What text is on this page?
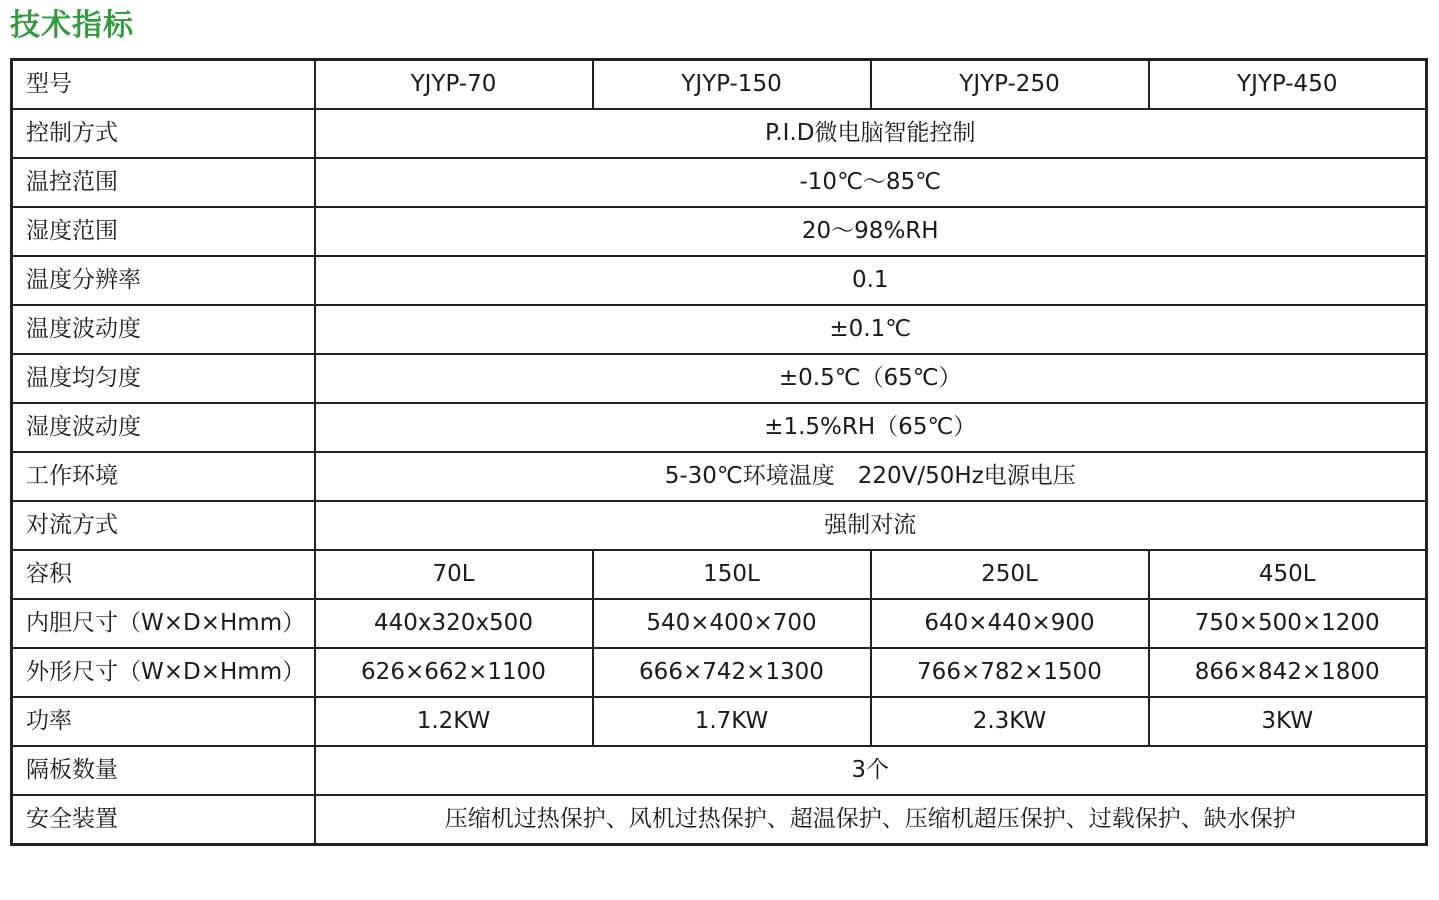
技术指标
型号	YJYP-70	YJYP-150	YJYP-250	YJYP-450
控制方式	P.I.D微电脑智能控制			
温控范围	-10℃～85℃			
湿度范围	20～98%RH			
温度分辨率	0.1			
温度波动度	±0.1℃			
温度均匀度	±0.5℃（65℃）			
湿度波动度	±1.5%RH（65℃）			
工作环境	5-30℃环境温度　220V/50Hz电源电压			
对流方式	强制对流			
容积	70L	150L	250L	450L
内胆尺寸（W×D×Hmm）	440x320x500	540×400×700	640×440×900	750×500×1200
外形尺寸（W×D×Hmm）	626×662×1100	666×742×1300	766×782×1500	866×842×1800
功率	1.2KW	1.7KW	2.3KW	3KW
隔板数量	3个			
安全装置	压缩机过热保护、风机过热保护、超温保护、压缩机超压保护、过载保护、缺水保护			
